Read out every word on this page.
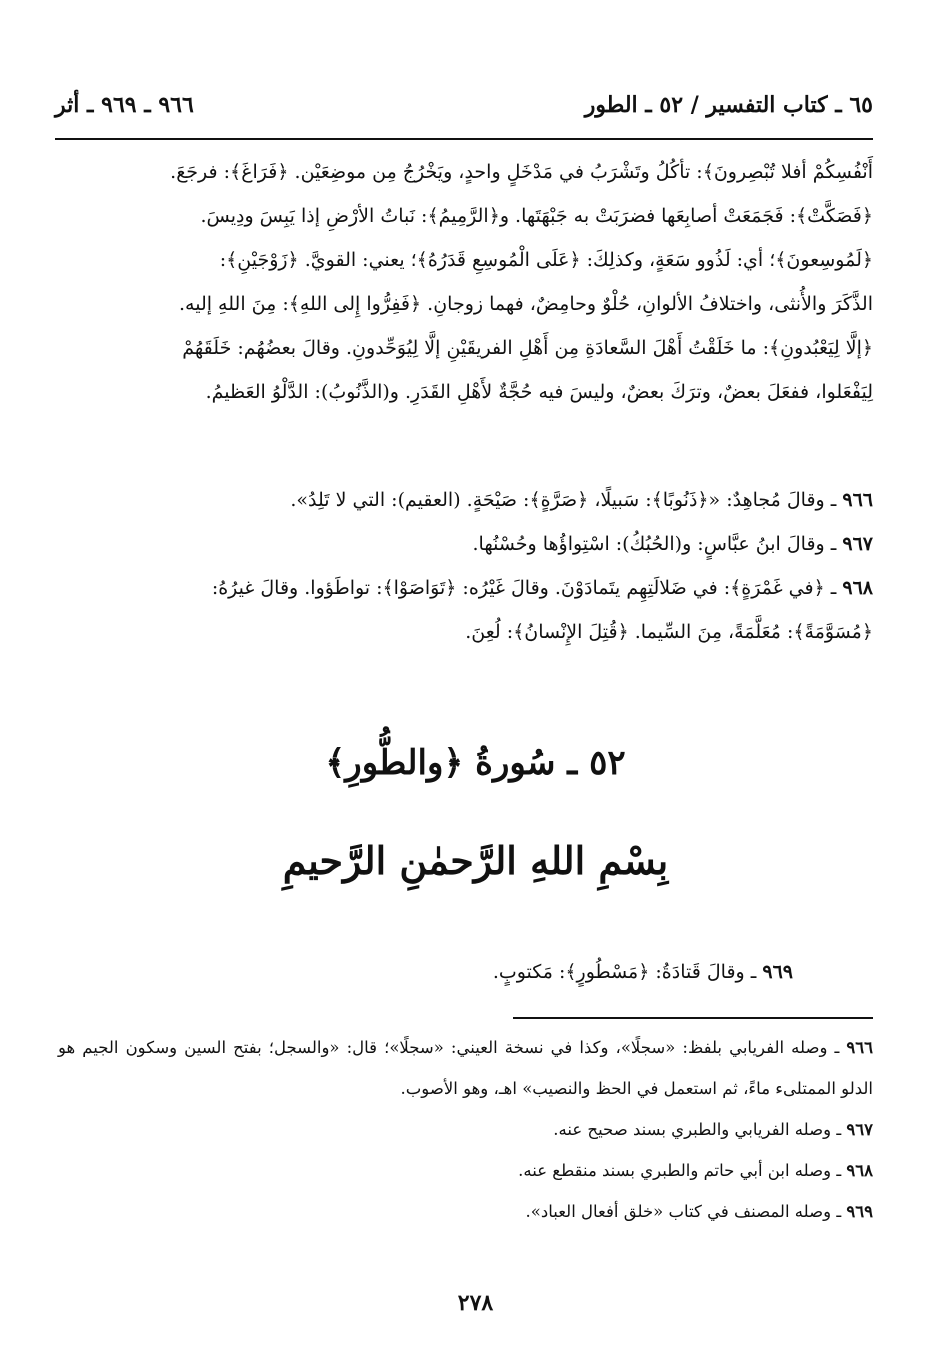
٦٥ ـ كتاب التفسير / ٥٢ ـ الطور
٩٦٦ ـ ٩٦٩ ـ أثر

أَنْفُسِكُمْ أفلا تُبْصِرونَ﴾: تأكُلُ وتَشْرَبُ في مَدْخَلٍ واحدٍ، ويَخْرُجُ مِن موضِعَيْن. ﴿فَرَاغَ﴾: فرجَعَ.

﴿فَصَكَّتْ﴾: فَجَمَعَتْ أصابِعَها فضرَبَتْ به جَبْهَتَها. و﴿الرَّمِيمُ﴾: نَباتُ الأرْضِ إذا يَبِسَ ودِيسَ.

﴿لَمُوسِعونَ﴾؛ أي: لَذُوو سَعَةٍ، وكذلِكَ: ﴿عَلَى الْمُوسِعِ قَدَرُهُ﴾؛ يعني: القويَّ. ﴿زَوْجَيْنِ﴾:

الذَّكَرَ والأُنثى، واختلافُ الألوانِ، حُلْوٌ وحامِضٌ، فهما زوجانِ. ﴿فَفِرُّوا إِلى اللهِ﴾: مِنَ اللهِ إليه.

﴿إلَّا لِيَعْبُدونِ﴾: ما خَلَقْتُ أَهْلَ السَّعادَةِ مِن أَهْلِ الفريقَيْنِ إلَّا لِيُوَحِّدونِ. وقالَ بعضُهُم: خَلَقَهُمْ

لِيَفْعَلوا، ففعَلَ بعضٌ، وترَكَ بعضٌ، وليسَ فيه حُجَّةٌ لأَهْلِ القَدَرِ. و(الذَّنُوبُ): الدَّلْوُ العَظيمُ.

٩٦٦ ـ وقالَ مُجاهِدٌ: «﴿ذَنُوبًا﴾: سَبيلًا، ﴿صَرَّةٍ﴾: صَيْحَةٍ. (العقيم): التي لا تَلِدُ».

٩٦٧ ـ وقالَ ابنُ عبَّاسٍ: و(الحُبُكُ): اسْتِواؤُها وحُسْنُها.

٩٦٨ ـ ﴿في غَمْرَةٍ﴾: في ضَلالَتِهِم يتَمادَوْنَ. وقالَ غَيْرُه: ﴿تَوَاصَوْا﴾: تواطَؤوا. وقالَ غيرُهُ:

﴿مُسَوَّمَةً﴾: مُعَلَّمَةً، مِنَ السِّيما. ﴿قُتِلَ الإِنْسانُ﴾: لُعِنَ.

٥٢ ـ سُورةُ ﴿والطُّورِ﴾
بِسْمِ اللهِ الرَّحمٰنِ الرَّحيمِ

٩٦٩ ـ وقالَ قَتادَةُ: ﴿مَسْطُورٍ﴾: مَكتوبٍ.

٩٦٦ ـ وصله الفريابي بلفظ: «سجلًا»، وكذا في نسخة العيني: «سجلًا»؛ قال: «والسجل؛ بفتح السين وسكون الجيم هو الدلو الممتلىء ماءً، ثم استعمل في الحظ والنصيب» اهـ، وهو الأصوب.

٩٦٧ ـ وصله الفريابي والطبري بسند صحيح عنه.

٩٦٨ ـ وصله ابن أبي حاتم والطبري بسند منقطع عنه.

٩٦٩ ـ وصله المصنف في كتاب «خلق أفعال العباد».

٢٧٨
